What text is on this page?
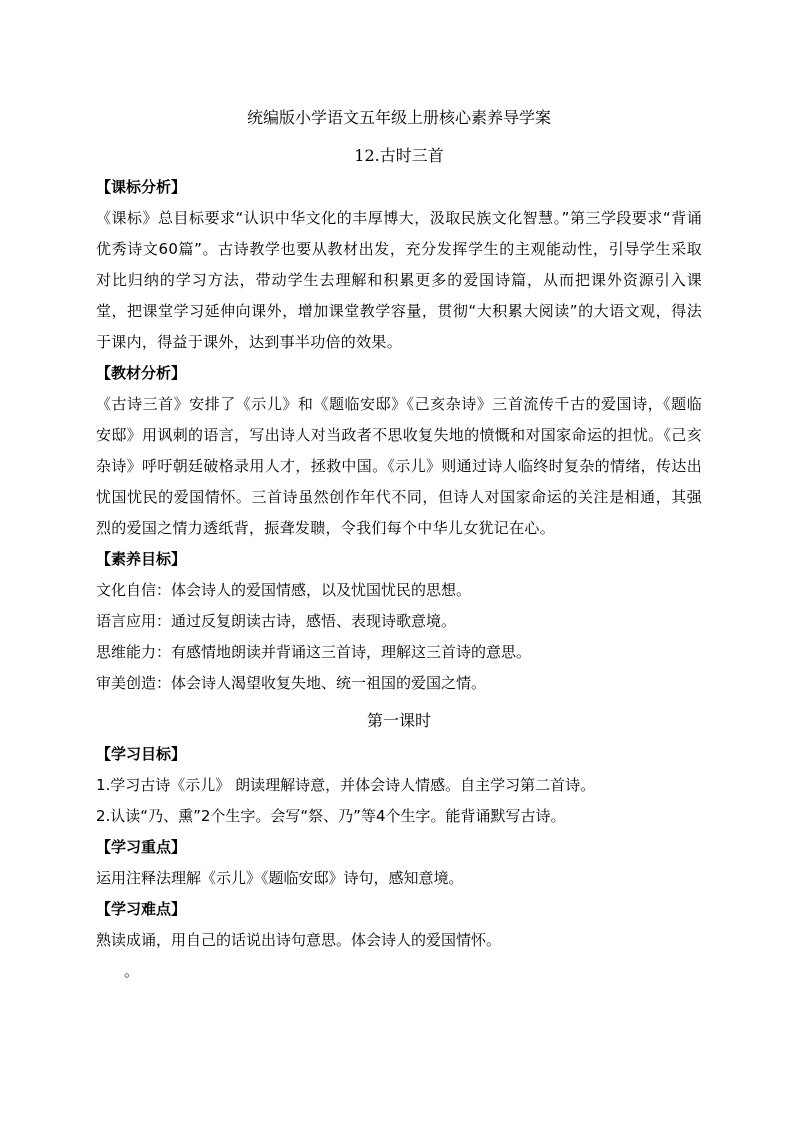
统编版小学语文五年级上册核心素养导学案
12.古时三首
【课标分析】
《课标》总目标要求“认识中华文化的丰厚博大，汲取民族文化智慧。”第三学段要求“背诵优秀诗文60篇”。古诗教学也要从教材出发，充分发挥学生的主观能动性，引导学生采取对比归纳的学习方法，带动学生去理解和积累更多的爱国诗篇，从而把课外资源引入课堂，把课堂学习延伸向课外，增加课堂教学容量，贯彻“大积累大阅读”的大语文观，得法于课内，得益于课外，达到事半功倍的效果。
【教材分析】
《古诗三首》安排了《示儿》和《题临安邸》《己亥杂诗》三首流传千古的爱国诗，《题临安邸》用讽刺的语言，写出诗人对当政者不思收复失地的愤慨和对国家命运的担忧。《己亥杂诗》呼吁朝廷破格录用人才，拯救中国。《示儿》则通过诗人临终时复杂的情绪，传达出忧国忧民的爱国情怀。三首诗虽然创作年代不同，但诗人对国家命运的关注是相通，其强烈的爱国之情力透纸背，振聋发聩，令我们每个中华儿女犹记在心。
【素养目标】
文化自信：体会诗人的爱国情感，以及忧国忧民的思想。
语言应用：通过反复朗读古诗，感悟、表现诗歌意境。
思维能力：有感情地朗读并背诵这三首诗，理解这三首诗的意思。
审美创造：体会诗人渴望收复失地、统一祖国的爱国之情。
第一课时
【学习目标】
1.学习古诗《示儿》 朗读理解诗意，并体会诗人情感。自主学习第二首诗。
2.认读“乃、熏”2个生字。会写“祭、乃”等4个生字。能背诵默写古诗。
【学习重点】
运用注释法理解《示儿》《题临安邸》诗句，感知意境。
【学习难点】
熟读成诵，用自己的话说出诗句意思。体会诗人的爱国情怀。
。
